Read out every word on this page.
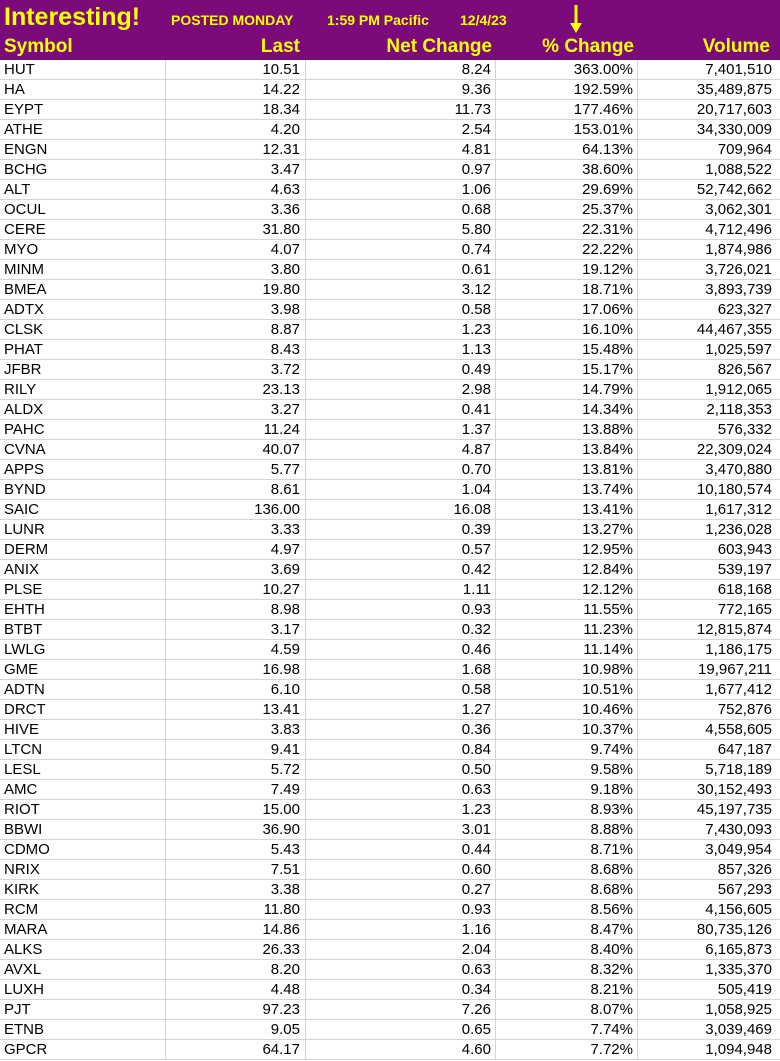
Interesting! POSTED MONDAY 1:59 PM Pacific 12/4/23
Symbol	Last	Net Change	% Change	Volume
HUT	10.51	8.24	363.00%	7,401,510
HA	14.22	9.36	192.59%	35,489,875
EYPT	18.34	11.73	177.46%	20,717,603
ATHE	4.20	2.54	153.01%	34,330,009
ENGN	12.31	4.81	64.13%	709,964
BCHG	3.47	0.97	38.60%	1,088,522
ALT	4.63	1.06	29.69%	52,742,662
OCUL	3.36	0.68	25.37%	3,062,301
CERE	31.80	5.80	22.31%	4,712,496
MYO	4.07	0.74	22.22%	1,874,986
MINM	3.80	0.61	19.12%	3,726,021
BMEA	19.80	3.12	18.71%	3,893,739
ADTX	3.98	0.58	17.06%	623,327
CLSK	8.87	1.23	16.10%	44,467,355
PHAT	8.43	1.13	15.48%	1,025,597
JFBR	3.72	0.49	15.17%	826,567
RILY	23.13	2.98	14.79%	1,912,065
ALDX	3.27	0.41	14.34%	2,118,353
PAHC	11.24	1.37	13.88%	576,332
CVNA	40.07	4.87	13.84%	22,309,024
APPS	5.77	0.70	13.81%	3,470,880
BYND	8.61	1.04	13.74%	10,180,574
SAIC	136.00	16.08	13.41%	1,617,312
LUNR	3.33	0.39	13.27%	1,236,028
DERM	4.97	0.57	12.95%	603,943
ANIX	3.69	0.42	12.84%	539,197
PLSE	10.27	1.11	12.12%	618,168
EHTH	8.98	0.93	11.55%	772,165
BTBT	3.17	0.32	11.23%	12,815,874
LWLG	4.59	0.46	11.14%	1,186,175
GME	16.98	1.68	10.98%	19,967,211
ADTN	6.10	0.58	10.51%	1,677,412
DRCT	13.41	1.27	10.46%	752,876
HIVE	3.83	0.36	10.37%	4,558,605
LTCN	9.41	0.84	9.74%	647,187
LESL	5.72	0.50	9.58%	5,718,189
AMC	7.49	0.63	9.18%	30,152,493
RIOT	15.00	1.23	8.93%	45,197,735
BBWI	36.90	3.01	8.88%	7,430,093
CDMO	5.43	0.44	8.71%	3,049,954
NRIX	7.51	0.60	8.68%	857,326
KIRK	3.38	0.27	8.68%	567,293
RCM	11.80	0.93	8.56%	4,156,605
MARA	14.86	1.16	8.47%	80,735,126
ALKS	26.33	2.04	8.40%	6,165,873
AVXL	8.20	0.63	8.32%	1,335,370
LUXH	4.48	0.34	8.21%	505,419
PJT	97.23	7.26	8.07%	1,058,925
ETNB	9.05	0.65	7.74%	3,039,469
GPCR	64.17	4.60	7.72%	1,094,948
